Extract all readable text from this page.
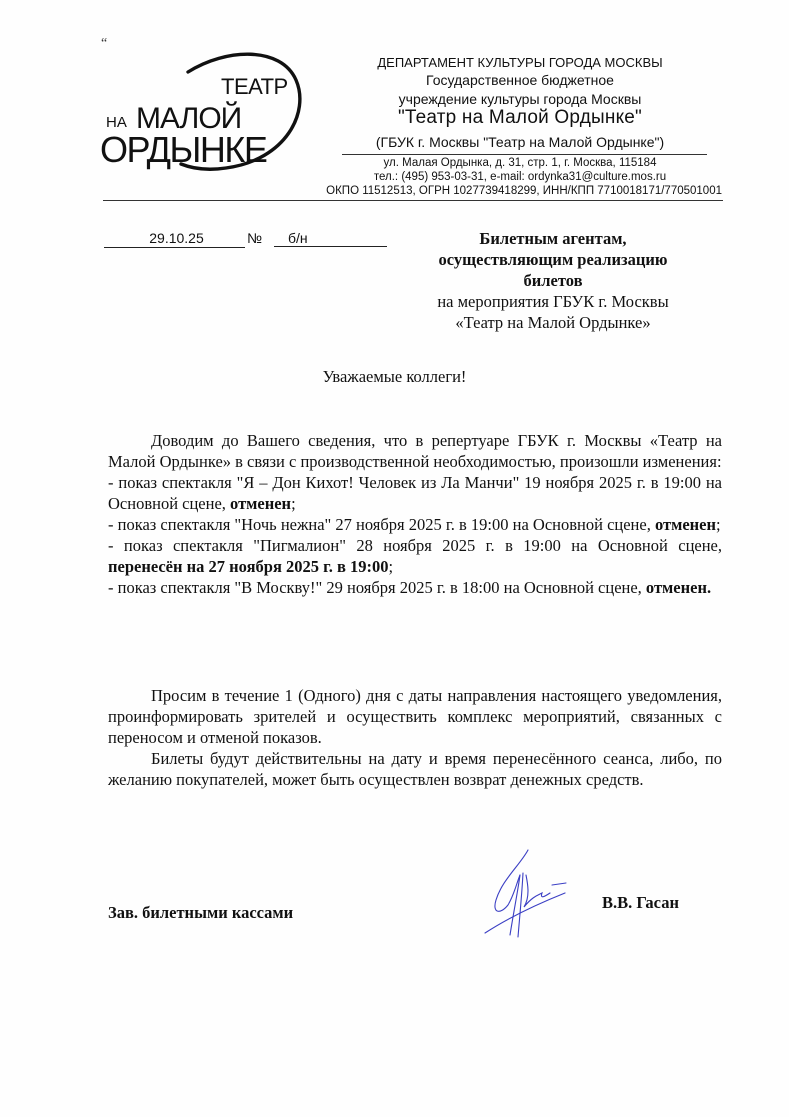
“
ТЕАТР
НА МАЛОЙ
ОРДЫНКЕ
ДЕПАРТАМЕНТ КУЛЬТУРЫ ГОРОДА МОСКВЫ
Государственное бюджетное
учреждение культуры города Москвы
"Театр на Малой Ордынке"
(ГБУК г. Москвы "Театр на Малой Ордынке")
ул. Малая Ордынка, д. 31, стр. 1, г. Москва, 115184
тел.: (495) 953-03-31, e-mail: ordynka31@culture.mos.ru
ОКПО 11512513, ОГРН 1027739418299, ИНН/КПП 7710018171/770501001
29.10.25	№	б/н	Билетным агентам,
осуществляющим реализацию
билетов
на мероприятия ГБУК г. Москвы
«Театр на Малой Ордынке»
Уважаемые коллеги!

Доводим до Вашего сведения, что в репертуаре ГБУК г. Москвы «Театр на Малой Ордынке» в связи с производственной необходимостью, произошли изменения:

- показ спектакля "Я – Дон Кихот! Человек из Ла Манчи" 19 ноября 2025 г. в 19:00 на Основной сцене, отменен;

- показ спектакля "Ночь нежна" 27 ноября 2025 г. в 19:00 на Основной сцене, отменен;

- показ спектакля "Пигмалион" 28 ноября 2025 г. в 19:00 на Основной сцене, перенесён на 27 ноября 2025 г. в 19:00;

- показ спектакля "В Москву!" 29 ноября 2025 г. в 18:00 на Основной сцене, отменен.

Просим в течение 1 (Одного) дня с даты направления настоящего уведомления, проинформировать зрителей и осуществить комплекс мероприятий, связанных с переносом и отменой показов.

Билеты будут действительны на дату и время перенесённого сеанса, либо, по желанию покупателей, может быть осуществлен возврат денежных средств.

Зав. билетными кассами
В.В. Гасан
